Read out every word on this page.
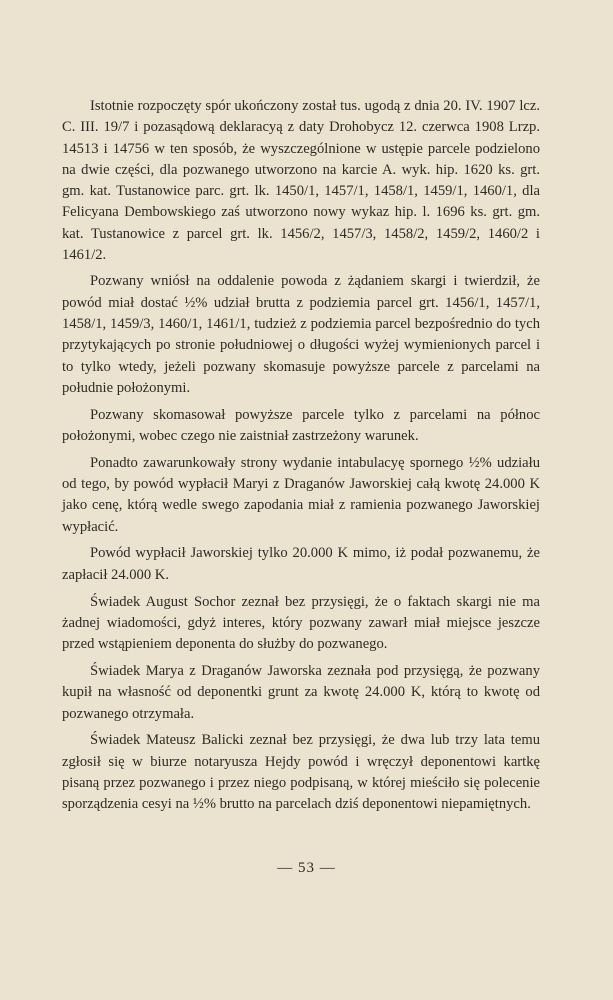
Istotnie rozpoczęty spór ukończony został tus. ugodą z dnia 20. IV. 1907 lcz. C. III. 19/7 i pozasądową deklaracyą z daty Drohobycz 12. czerwca 1908 Lrzp. 14513 i 14756 w ten sposób, że wyszczególnione w ustępie parcele podzielono na dwie części, dla pozwanego utworzono na karcie A. wyk. hip. 1620 ks. grt. gm. kat. Tustanowice parc. grt. lk. 1450/1, 1457/1, 1458/1, 1459/1, 1460/1, dla Felicyana Dembowskiego zaś utworzono nowy wykaz hip. l. 1696 ks. grt. gm. kat. Tustanowice z parcel grt. lk. 1456/2, 1457/3, 1458/2, 1459/2, 1460/2 i 1461/2.

Pozwany wniósł na oddalenie powoda z żądaniem skargi i twierdził, że powód miał dostać ½% udział brutta z podziemia parcel grt. 1456/1, 1457/1, 1458/1, 1459/3, 1460/1, 1461/1, tudzież z podziemia parcel bezpośrednio do tych przytykających po stronie południowej o długości wyżej wymienionych parcel i to tylko wtedy, jeżeli pozwany skomasuje powyższe parcele z parcelami na południe położonymi.

Pozwany skomasował powyższe parcele tylko z parcelami na północ położonymi, wobec czego nie zaistniał zastrzeżony warunek.

Ponadto zawarunkowały strony wydanie intabulacyę spornego ½% udziału od tego, by powód wypłacił Maryi z Draganów Jaworskiej całą kwotę 24.000 K jako cenę, którą wedle swego zapodania miał z ramienia pozwanego Jaworskiej wypłacić.

Powód wypłacił Jaworskiej tylko 20.000 K mimo, iż podał pozwanemu, że zapłacił 24.000 K.

Świadek August Sochor zeznał bez przysięgi, że o faktach skargi nie ma żadnej wiadomości, gdyż interes, który pozwany zawarł miał miejsce jeszcze przed wstąpieniem deponenta do służby do pozwanego.

Świadek Marya z Draganów Jaworska zeznała pod przysięgą, że pozwany kupił na własność od deponentki grunt za kwotę 24.000 K, którą to kwotę od pozwanego otrzymała.

Świadek Mateusz Balicki zeznał bez przysięgi, że dwa lub trzy lata temu zgłosił się w biurze notaryusza Hejdy powód i wręczył deponentowi kartkę pisaną przez pozwanego i przez niego podpisaną, w której mieściło się polecenie sporządzenia cesyi na ½% brutto na parcelach dziś deponentowi niepamiętnych.

— 53 —
